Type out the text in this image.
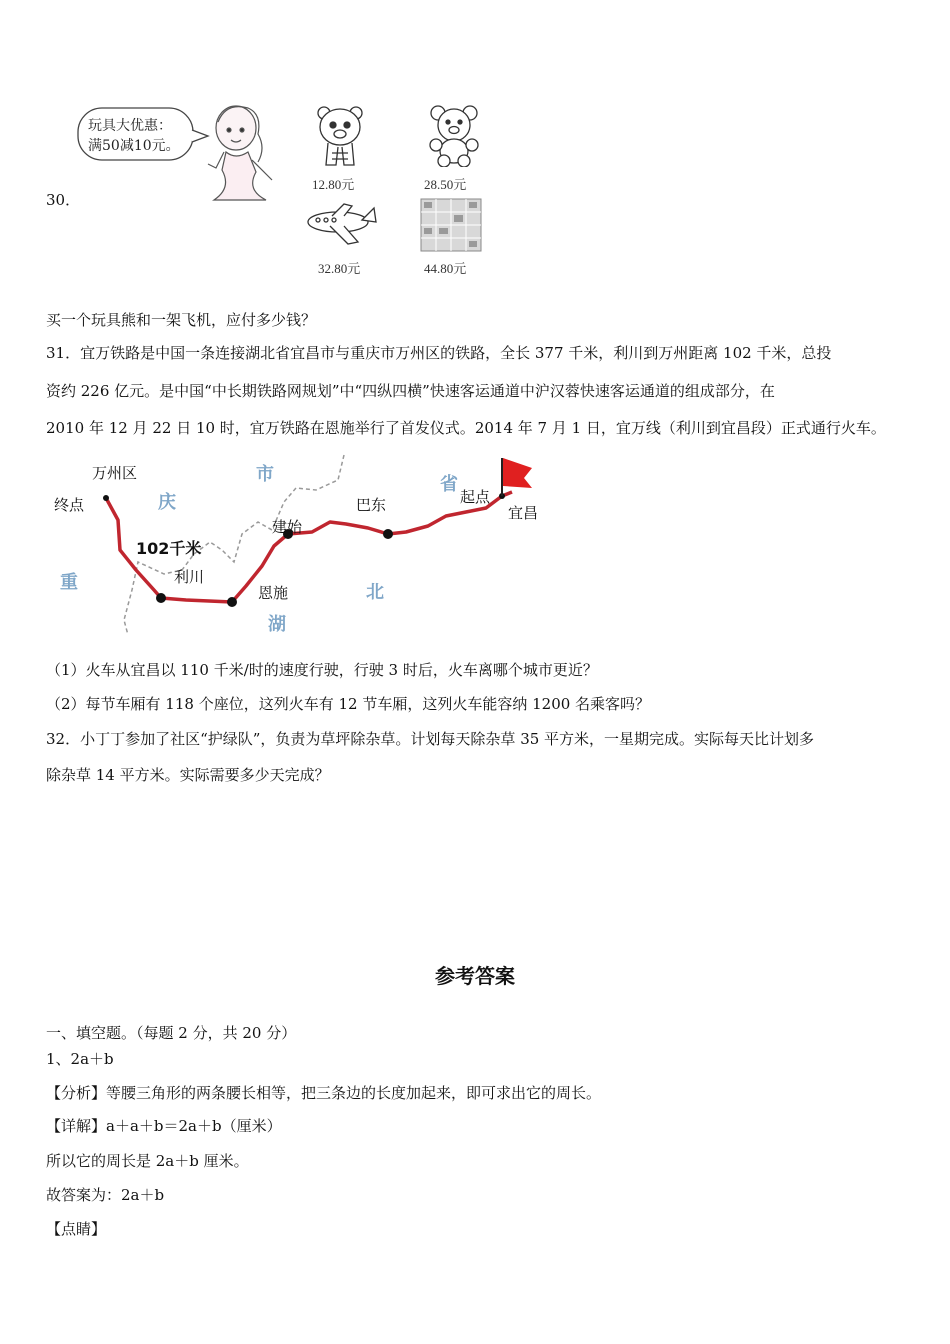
30．
玩具大优惠：
满50减10元。
12.80元	28.50元
32.80元	44.80元
买一个玩具熊和一架飞机，应付多少钱？
31．宜万铁路是中国一条连接湖北省宜昌市与重庆市万州区的铁路，全长 377 千米，利川到万州距离 102 千米，总投
资约 226 亿元。是中国“中长期铁路网规划”中“四纵四横”快速客运通道中沪汉蓉快速客运通道的组成部分，在
2010 年 12 月 22 日 10 时，宜万铁路在恩施举行了首发仪式。2014 年 7 月 1 日，宜万线（利川到宜昌段）正式通行火车。
万州区
终点
利川
恩施
建始
巴东	起点
宜昌
102千米
庆
市	省
重
湖
北
（1）火车从宜昌以 110 千米/时的速度行驶，行驶 3 时后，火车离哪个城市更近？
（2）每节车厢有 118 个座位，这列火车有 12 节车厢，这列火车能容纳 1200 名乘客吗？
32．小丁丁参加了社区“护绿队”，负责为草坪除杂草。计划每天除杂草 35 平方米，一星期完成。实际每天比计划多
除杂草 14 平方米。实际需要多少天完成？
参考答案
一、填空题。（每题 2 分，共 20 分）
1、2a＋b
【分析】等腰三角形的两条腰长相等，把三条边的长度加起来，即可求出它的周长。
【详解】a＋a＋b＝2a＋b（厘米）
所以它的周长是 2a＋b 厘米。
故答案为：2a＋b
【点睛】
